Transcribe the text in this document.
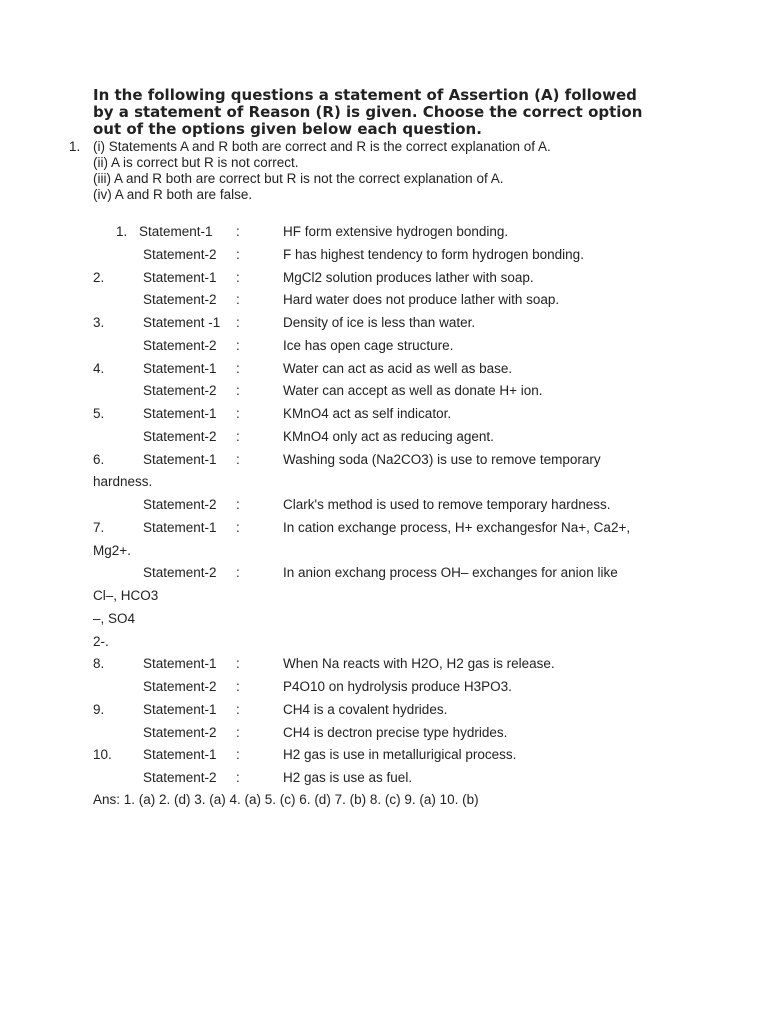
In the following questions a statement of Assertion (A) followed
by a statement of Reason (R) is given. Choose the correct option
out of the options given below each question.
1. (i) Statements A and R both are correct and R is the correct explanation of A.
(ii) A is correct but R is not correct.
(iii) A and R both are correct but R is not the correct explanation of A.
(iv) A and R both are false.
1. Statement-1 :	HF form extensive hydrogen bonding.
Statement-2 :	F has highest tendency to form hydrogen bonding.
2.	Statement-1 :	MgCl2 solution produces lather with soap.
Statement-2 :	Hard water does not produce lather with soap.
3.	Statement -1 :	Density of ice is less than water.
Statement-2 :	Ice has open cage structure.
4.	Statement-1 :	Water can act as acid as well as base.
Statement-2 :	Water can accept as well as donate H+ ion.
5.	Statement-1 :	KMnO4 act as self indicator.
Statement-2 :	KMnO4 only act as reducing agent.
6.	Statement-1 :	Washing soda (Na2CO3) is use to remove temporary
hardness.
Statement-2 :	Clark's method is used to remove temporary hardness.
7.	Statement-1 :	In cation exchange process, H+ exchangesfor Na+, Ca2+,
Mg2+.
Statement-2 :	In anion exchang process OH– exchanges for anion like
Cl–, HCO3
–, SO4
2-.
8.	Statement-1 :	When Na reacts with H2O, H2 gas is release.
Statement-2 :	P4O10 on hydrolysis produce H3PO3.
9.	Statement-1 :	CH4 is a covalent hydrides.
Statement-2 :	CH4 is dectron precise type hydrides.
10. Statement-1 :	H2 gas is use in metallurigical process.
Statement-2 :	H2 gas is use as fuel.
Ans: 1. (a) 2. (d) 3. (a) 4. (a) 5. (c) 6. (d) 7. (b) 8. (c) 9. (a) 10. (b)
